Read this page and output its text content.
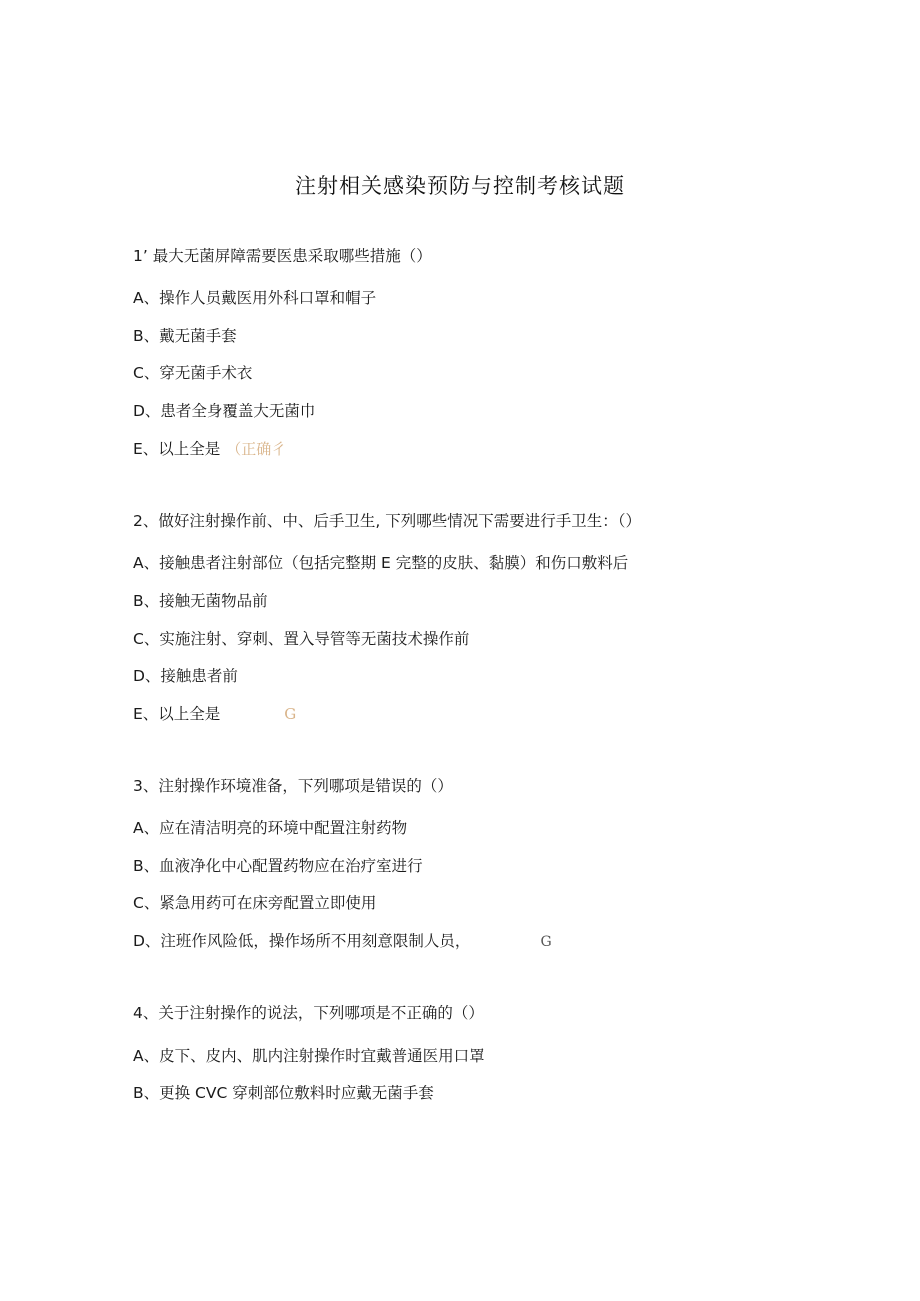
注射相关感染预防与控制考核试题
1’ 最大无菌屏障需要医患采取哪些措施（）
A、操作人员戴医用外科口罩和帽子
B、戴无菌手套
C、穿无菌手术衣
D、患者全身覆盖大无菌巾
E、以上全是 （正确彳
2、做好注射操作前、中、后手卫生, 下列哪些情况下需要进行手卫生：（）
A、接触患者注射部位（包括完整期 E 完整的皮肤、黏膜）和伤口敷料后
B、接触无菌物品前
C、实施注射、穿刺、置入导管等无菌技术操作前
D、接触患者前
E、以上全是	G
3、注射操作环境准备，下列哪项是错误的（）
A、应在清洁明亮的环境中配置注射药物
B、血液净化中心配置药物应在治疗室进行
C、紧急用药可在床旁配置立即使用
D、注班作风险低，操作场所不用刻意限制人员，	G
4、关于注射操作的说法，下列哪项是不正确的（）
A、皮下、皮内、肌内注射操作时宜戴普通医用口罩
B、更换 CVC 穿刺部位敷料时应戴无菌手套
